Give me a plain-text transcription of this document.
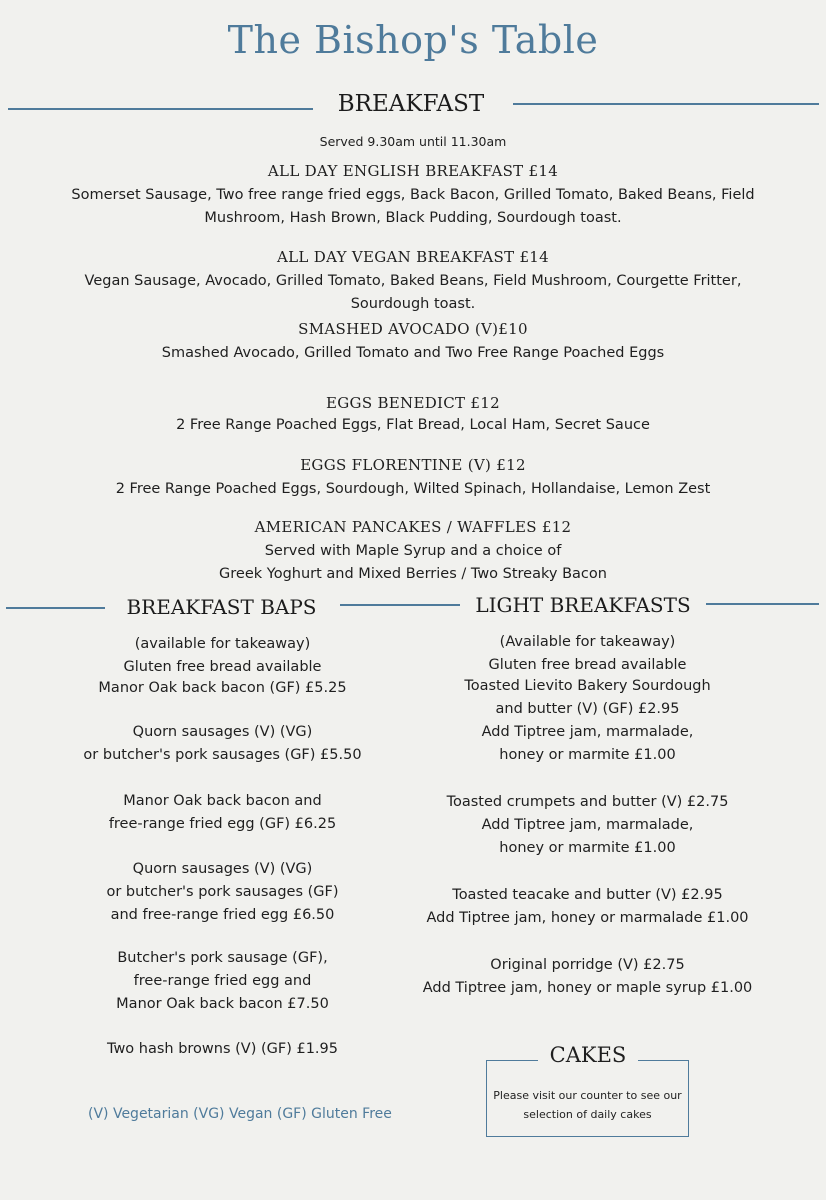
The Bishop's Table
BREAKFAST
Served 9.30am until 11.30am
ALL DAY ENGLISH BREAKFAST £14
Somerset Sausage, Two free range fried eggs, Back Bacon, Grilled Tomato, Baked Beans, Field
Mushroom, Hash Brown, Black Pudding, Sourdough toast.
ALL DAY VEGAN BREAKFAST £14
Vegan Sausage, Avocado, Grilled Tomato, Baked Beans, Field Mushroom, Courgette Fritter,
Sourdough toast.
SMASHED AVOCADO (V)£10
Smashed Avocado, Grilled Tomato and Two Free Range Poached Eggs
EGGS BENEDICT £12
2 Free Range Poached Eggs, Flat Bread, Local Ham, Secret Sauce
EGGS FLORENTINE (V) £12
2 Free Range Poached Eggs, Sourdough, Wilted Spinach, Hollandaise, Lemon Zest
AMERICAN PANCAKES / WAFFLES £12
Served with Maple Syrup and a choice of
Greek Yoghurt and Mixed Berries / Two Streaky Bacon
BREAKFAST BAPS	LIGHT BREAKFASTS
(available for takeaway)
Gluten free bread available
Manor Oak back bacon (GF) £5.25
Quorn sausages (V) (VG)
or butcher's pork sausages (GF) £5.50
Manor Oak back bacon and
free-range fried egg (GF) £6.25
Quorn sausages (V) (VG)
or butcher's pork sausages (GF)
and free-range fried egg £6.50
Butcher's pork sausage (GF),
free-range fried egg and
Manor Oak back bacon £7.50
Two hash browns (V) (GF) £1.95
(Available for takeaway)
Gluten free bread available
Toasted Lievito Bakery Sourdough
and butter (V) (GF) £2.95
Add Tiptree jam, marmalade,
honey or marmite £1.00
Toasted crumpets and butter (V) £2.75
Add Tiptree jam, marmalade,
honey or marmite £1.00
Toasted teacake and butter (V) £2.95
Add Tiptree jam, honey or marmalade £1.00
Original porridge (V) £2.75
Add Tiptree jam, honey or maple syrup £1.00
(V) Vegetarian (VG) Vegan (GF) Gluten Free
CAKES
Please visit our counter to see our
selection of daily cakes
